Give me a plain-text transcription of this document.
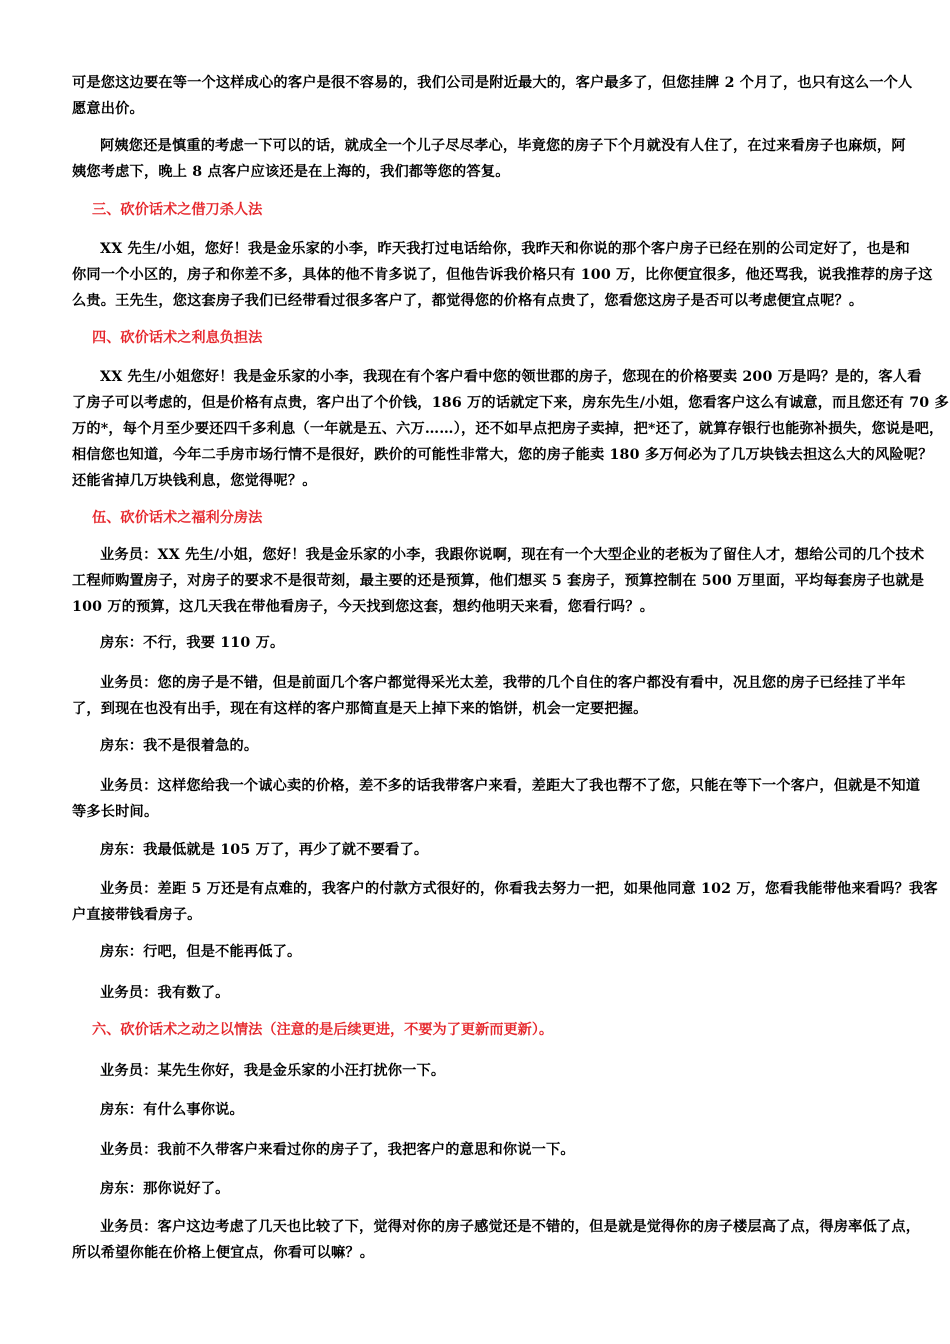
可是您这边要在等一个这样成心的客户是很不容易的，我们公司是附近最大的，客户最多了，但您挂牌 2 个月了，也只有这么一个人
愿意出价。

阿姨您还是慎重的考虑一下可以的话，就成全一个儿子尽尽孝心，毕竟您的房子下个月就没有人住了，在过来看房子也麻烦，阿
姨您考虑下，晚上 8 点客户应该还是在上海的，我们都等您的答复。

三、砍价话术之借刀杀人法

XX 先生/小姐，您好！我是金乐家的小李，昨天我打过电话给你，我昨天和你说的那个客户房子已经在别的公司定好了，也是和
你同一个小区的，房子和你差不多，具体的他不肯多说了，但他告诉我价格只有 100 万，比你便宜很多，他还骂我，说我推荐的房子这
么贵。王先生，您这套房子我们已经带看过很多客户了，都觉得您的价格有点贵了，您看您这房子是否可以考虑便宜点呢？。

四、砍价话术之利息负担法

XX 先生/小姐您好！我是金乐家的小李，我现在有个客户看中您的领世郡的房子，您现在的价格要卖 200 万是吗？是的，客人看
了房子可以考虑的，但是价格有点贵，客户出了个价钱，186 万的话就定下来，房东先生/小姐，您看客户这么有诚意，而且您还有 70 多
万的*，每个月至少要还四千多利息（一年就是五、六万……），还不如早点把房子卖掉，把*还了，就算存银行也能弥补损失，您说是吧，
相信您也知道，今年二手房市场行情不是很好，跌价的可能性非常大，您的房子能卖 180 多万何必为了几万块钱去担这么大的风险呢？
还能省掉几万块钱利息，您觉得呢？。

伍、砍价话术之福利分房法

业务员：XX 先生/小姐，您好！我是金乐家的小李，我跟你说啊，现在有一个大型企业的老板为了留住人才，想给公司的几个技术
工程师购置房子，对房子的要求不是很苛刻，最主要的还是预算，他们想买 5 套房子，预算控制在 500 万里面，平均每套房子也就是
100 万的预算，这几天我在带他看房子，今天找到您这套，想约他明天来看，您看行吗？。

房东：不行，我要 110 万。

业务员：您的房子是不错，但是前面几个客户都觉得采光太差，我带的几个自住的客户都没有看中，况且您的房子已经挂了半年
了，到现在也没有出手，现在有这样的客户那简直是天上掉下来的馅饼，机会一定要把握。

房东：我不是很着急的。

业务员：这样您给我一个诚心卖的价格，差不多的话我带客户来看，差距大了我也帮不了您，只能在等下一个客户，但就是不知道
等多长时间。

房东：我最低就是 105 万了，再少了就不要看了。

业务员：差距 5 万还是有点难的，我客户的付款方式很好的，你看我去努力一把，如果他同意 102 万，您看我能带他来看吗？我客
户直接带钱看房子。

房东：行吧，但是不能再低了。

业务员：我有数了。

六、砍价话术之动之以情法（注意的是后续更进，不要为了更新而更新）。

业务员：某先生你好，我是金乐家的小汪打扰你一下。

房东：有什么事你说。

业务员：我前不久带客户来看过你的房子了，我把客户的意思和你说一下。

房东：那你说好了。

业务员：客户这边考虑了几天也比较了下，觉得对你的房子感觉还是不错的，但是就是觉得你的房子楼层高了点，得房率低了点，
所以希望你能在价格上便宜点，你看可以嘛？。
